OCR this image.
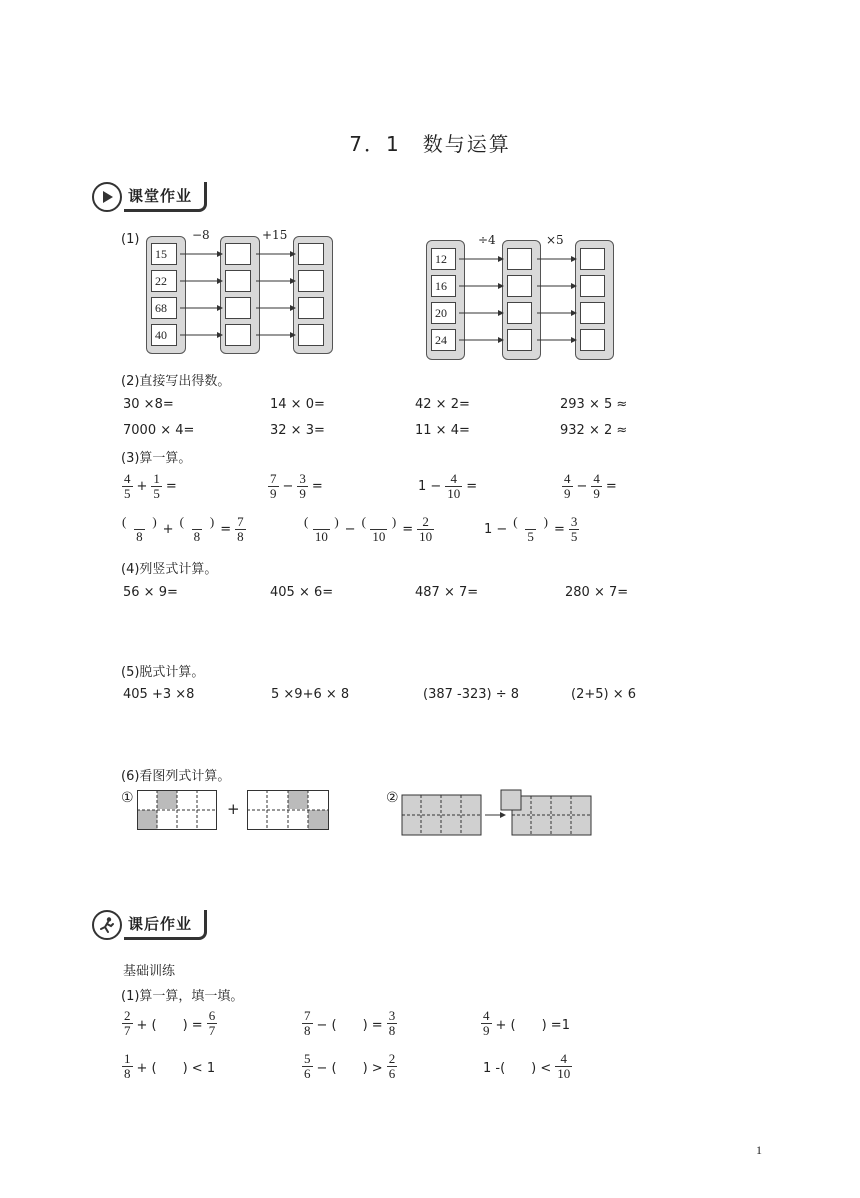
7．1　数与运算
课堂作业
(1)	−8	+15
15
22
68
40
÷4	×5
12
16
20
24
(2)直接写出得数。
30 ×8=	14 × 0=	42 × 2=	293 × 5 ≈
7000 × 4=	32 × 3=	11 × 4=	932 × 2 ≈
(3)算一算。
$\frac{4}{5} + \frac{1}{5}$ =	$\frac{7}{9} - \frac{3}{9}$ =	$1 - \frac{4}{10}$ =	$\frac{4}{9} - \frac{4}{9}$ =
$\frac{( )}{8} + \frac{( )}{8} = \frac{7}{8}$	$\frac{( )}{10} - \frac{( )}{10} = \frac{2}{10}$	$1 - \frac{( )}{5} = \frac{3}{5}$
(4)列竖式计算。
56 × 9=	405 × 6=	487 × 7=	280 × 7=
(5)脱式计算。
405 +3 ×8	5 ×9+6 × 8	(387 -323) ÷ 8	(2+5) × 6
(6)看图列式计算。
①
+
②
课后作业
基础训练
(1)算一算，填一填。
$\frac{2}{7}$ + (　　) = $\frac{6}{7}$	$\frac{7}{8}$ − (　　) = $\frac{3}{8}$	$\frac{4}{9}$ + (　　) =1
$\frac{1}{8}$ + (　　) < 1	$\frac{5}{6}$ − (　　) > $\frac{2}{6}$	1 -(　　) < $\frac{4}{10}$
1
